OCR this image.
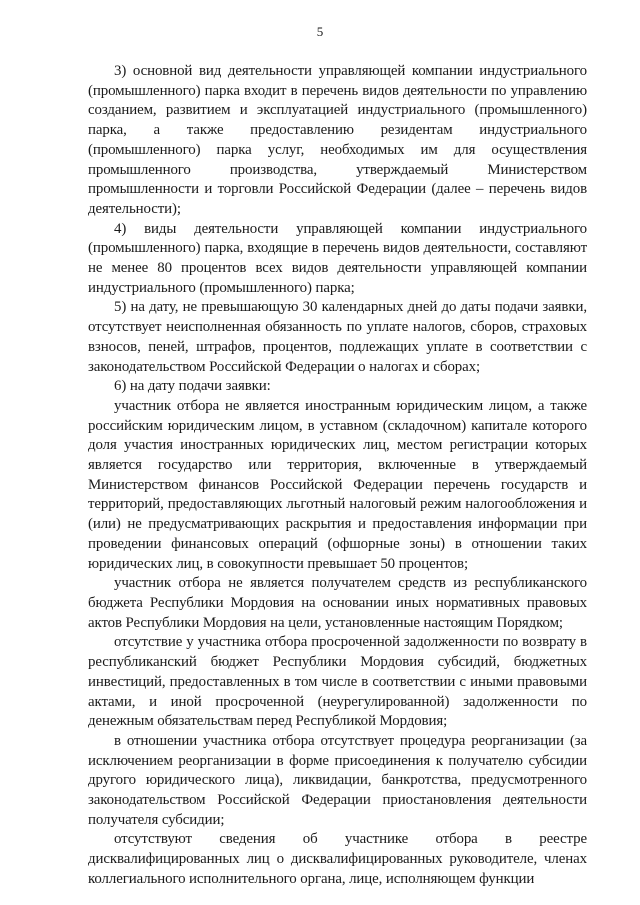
5

3) основной вид деятельности управляющей компании индустриального (промышленного) парка входит в перечень видов деятельности по управлению созданием, развитием и эксплуатацией индустриального (промышленного) парка, а также предоставлению резидентам индустриального (промышленного) парка услуг, необходимых им для осуществления промышленного производства, утверждаемый Министерством промышленности и торговли Российской Федерации (далее – перечень видов деятельности);

4) виды деятельности управляющей компании индустриального (промышленного) парка, входящие в перечень видов деятельности, составляют не менее 80 процентов всех видов деятельности управляющей компании индустриального (промышленного) парка;

5) на дату, не превышающую 30 календарных дней до даты подачи заявки, отсутствует неисполненная обязанность по уплате налогов, сборов, страховых взносов, пеней, штрафов, процентов, подлежащих уплате в соответствии с законодательством Российской Федерации о налогах и сборах;

6) на дату подачи заявки:

участник отбора не является иностранным юридическим лицом, а также российским юридическим лицом, в уставном (складочном) капитале которого доля участия иностранных юридических лиц, местом регистрации которых является государство или территория, включенные в утверждаемый Министерством финансов Российской Федерации перечень государств и территорий, предоставляющих льготный налоговый режим налогообложения и (или) не предусматривающих раскрытия и предоставления информации при проведении финансовых операций (офшорные зоны) в отношении таких юридических лиц, в совокупности превышает 50 процентов;

участник отбора не является получателем средств из республиканского бюджета Республики Мордовия на основании иных нормативных правовых актов Республики Мордовия на цели, установленные настоящим Порядком;

отсутствие у участника отбора просроченной задолженности по возврату в республиканский бюджет Республики Мордовия субсидий, бюджетных инвестиций, предоставленных в том числе в соответствии с иными правовыми актами, и иной просроченной (неурегулированной) задолженности по денежным обязательствам перед Республикой Мордовия;

в отношении участника отбора отсутствует процедура реорганизации (за исключением реорганизации в форме присоединения к получателю субсидии другого юридического лица), ликвидации, банкротства, предусмотренного законодательством Российской Федерации приостановления деятельности получателя субсидии;

отсутствуют сведения об участнике отбора в реестре дисквалифицированных лиц о дисквалифицированных руководителе, членах коллегиального исполнительного органа, лице, исполняющем функции
